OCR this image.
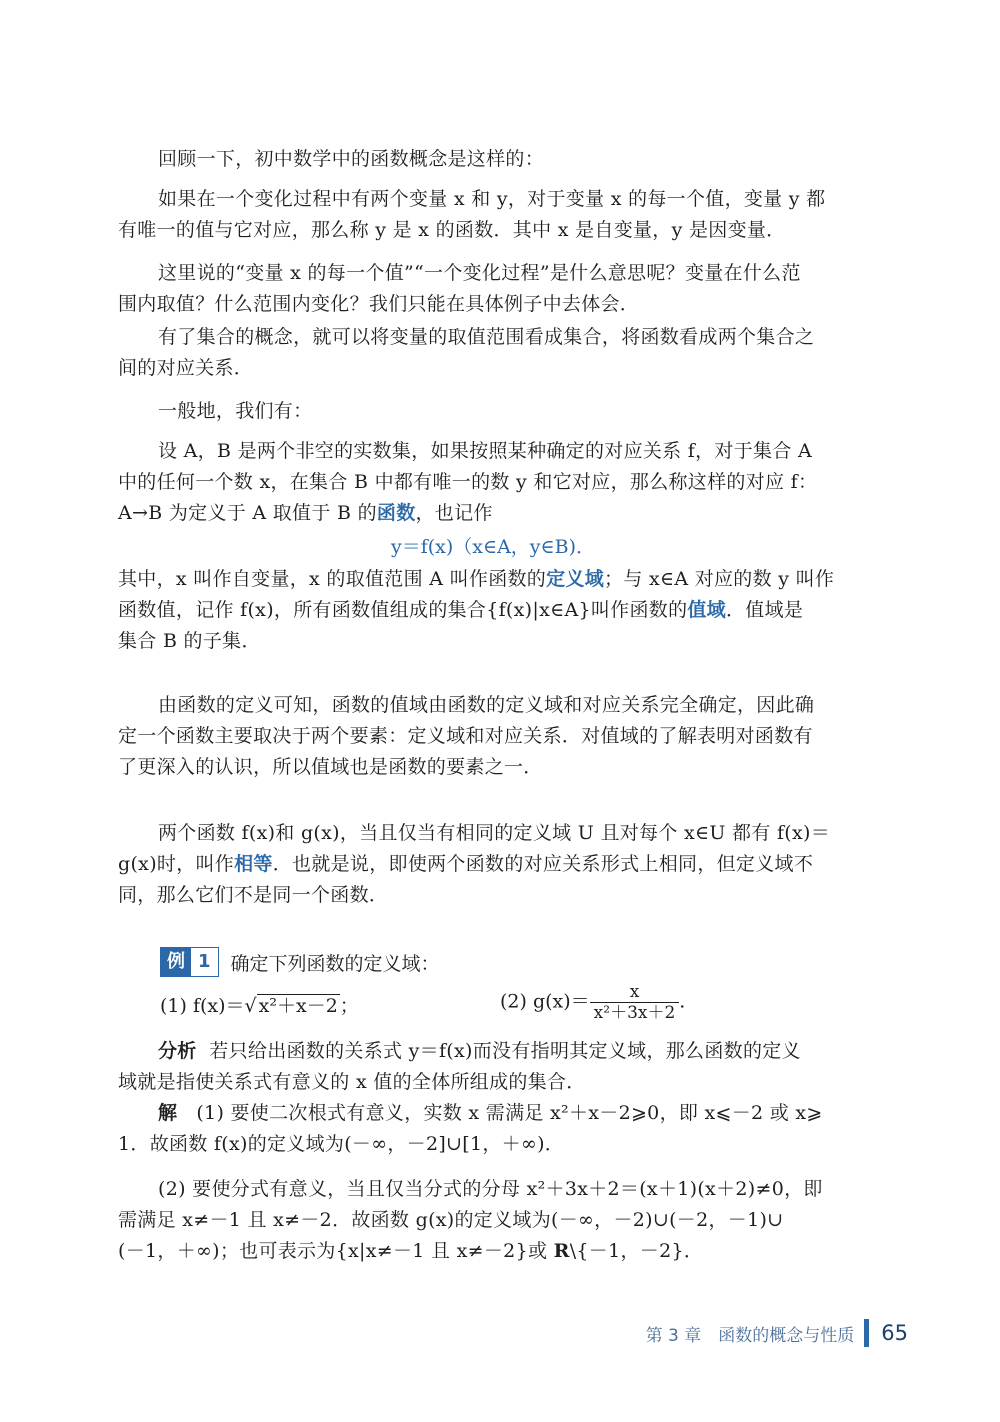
回顾一下，初中数学中的函数概念是这样的：

如果在一个变化过程中有两个变量 x 和 y，对于变量 x 的每一个值，变量 y 都
有唯一的值与它对应，那么称 y 是 x 的函数．其中 x 是自变量，y 是因变量．

这里说的“变量 x 的每一个值”“一个变化过程”是什么意思呢？变量在什么范
围内取值？什么范围内变化？我们只能在具体例子中去体会．

有了集合的概念，就可以将变量的取值范围看成集合，将函数看成两个集合之
间的对应关系．

一般地，我们有：

设 A，B 是两个非空的实数集，如果按照某种确定的对应关系 f，对于集合 A
中的任何一个数 x，在集合 B 中都有唯一的数 y 和它对应，那么称这样的对应 f：
A→B 为定义于 A 取值于 B 的函数，也记作

y＝f(x)（x∈A，y∈B)．

其中，x 叫作自变量，x 的取值范围 A 叫作函数的定义域；与 x∈A 对应的数 y 叫作
函数值，记作 f(x)，所有函数值组成的集合{f(x)|x∈A}叫作函数的值域．值域是
集合 B 的子集．

由函数的定义可知，函数的值域由函数的定义域和对应关系完全确定，因此确
定一个函数主要取决于两个要素：定义域和对应关系．对值域的了解表明对函数有
了更深入的认识，所以值域也是函数的要素之一．

两个函数 f(x)和 g(x)，当且仅当有相同的定义域 U 且对每个 x∈U 都有 f(x)＝
g(x)时，叫作相等．也就是说，即使两个函数的对应关系形式上相同，但定义域不
同，那么它们不是同一个函数．

例 1	确定下列函数的定义域：
(1) f(x)＝√ x²＋x－2 ；	(2) $g(x)= \frac{x}{\text{x²＋3x＋2}}$ .

分析 若只给出函数的关系式 y＝f(x)而没有指明其定义域，那么函数的定义
域就是指使关系式有意义的 x 值的全体所组成的集合．

解 (1) 要使二次根式有意义，实数 x 需满足 x²＋x－2⩾0，即 x⩽－2 或 x⩾
1．故函数 f(x)的定义域为(－∞，－2]∪[1，＋∞)．

(2) 要使分式有意义，当且仅当分式的分母 x²＋3x＋2＝(x＋1)(x＋2)≠0，即
需满足 x≠－1 且 x≠－2．故函数 g(x)的定义域为(－∞，－2)∪(－2，－1)∪
(－1，＋∞)；也可表示为{x|x≠－1 且 x≠－2}或 R\{－1，－2}．

第 3 章　函数的概念与性质 65
